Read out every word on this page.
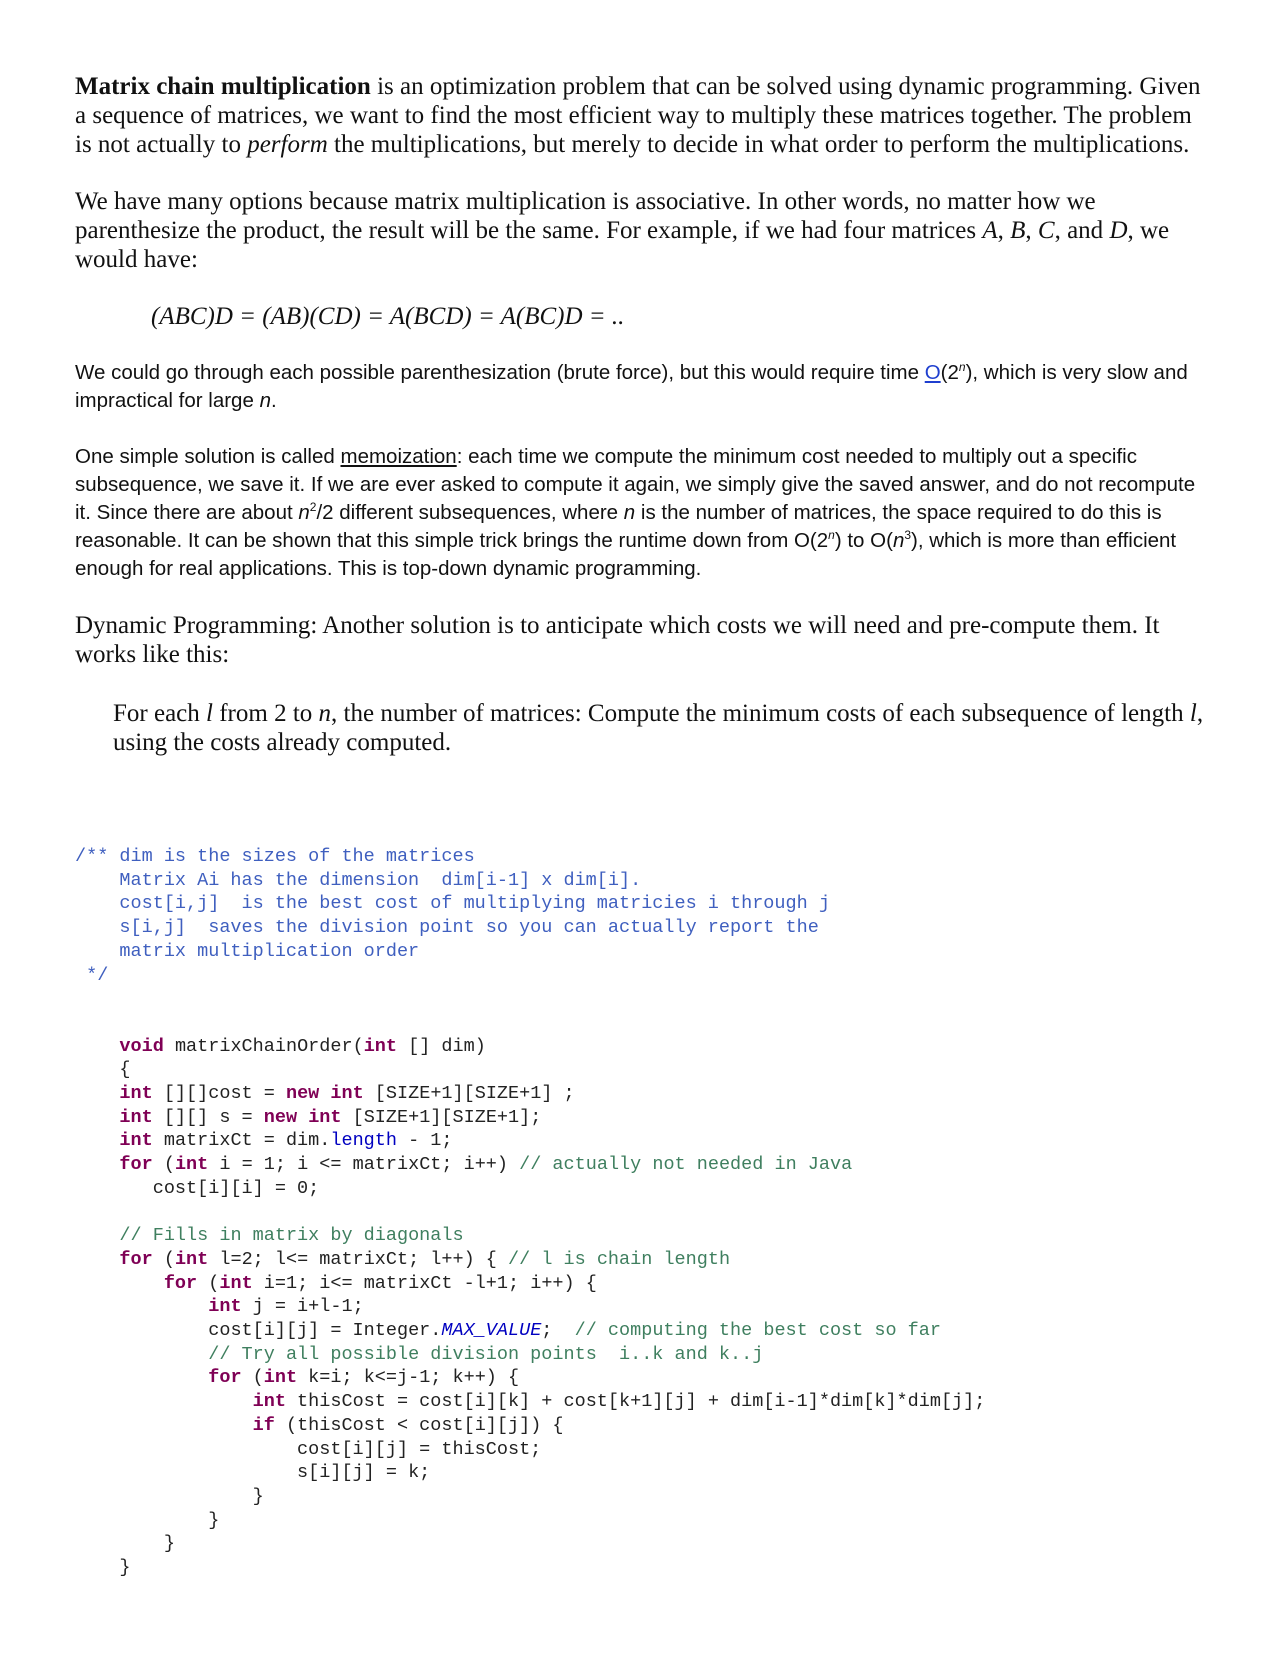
Matrix chain multiplication is an optimization problem that can be solved using dynamic programming. Given a sequence of matrices, we want to find the most efficient way to multiply these matrices together. The problem is not actually to perform the multiplications, but merely to decide in what order to perform the multiplications.

We have many options because matrix multiplication is associative. In other words, no matter how we parenthesize the product, the result will be the same. For example, if we had four matrices A, B, C, and D, we would have:

(ABC)D = (AB)(CD) = A(BCD) = A(BC)D = ..

We could go through each possible parenthesization (brute force), but this would require time O(2$^n$), which is very slow and impractical for large n.

One simple solution is called memoization: each time we compute the minimum cost needed to multiply out a specific subsequence, we save it. If we are ever asked to compute it again, we simply give the saved answer, and do not recompute it. Since there are about $n^2/2$ different subsequences, where n is the number of matrices, the space required to do this is reasonable. It can be shown that this simple trick brings the runtime down from O(2$^n$) to $O(n^3)$, which is more than efficient enough for real applications. This is top-down dynamic programming.

Dynamic Programming: Another solution is to anticipate which costs we will need and pre-compute them. It works like this:

For each l from 2 to n, the number of matrices: Compute the minimum costs of each subsequence of length l, using the costs already computed.

/** dim is the sizes of the matrices
Matrix Ai has the dimension  dim[i-1] x dim[i].
cost[i,j]  is the best cost of multiplying matricies i through j
s[i,j]  saves the division point so you can actually report the
matrix multiplication order
*/

void matrixChainOrder(int [] dim)
{
int [][]cost = new int [SIZE+1][SIZE+1] ;
int [][] s = new int [SIZE+1][SIZE+1];
int matrixCt = dim.length - 1;
for (int i = 1; i <= matrixCt; i++) // actually not needed in Java
cost[i][i] = 0;

// Fills in matrix by diagonals
for (int l=2; l<= matrixCt; l++) { // l is chain length
for (int i=1; i<= matrixCt -l+1; i++) {
int j = i+l-1;
cost[i][j] = Integer.MAX_VALUE;  // computing the best cost so far
// Try all possible division points  i..k and k..j
for (int k=i; k<=j-1; k++) {
int thisCost = cost[i][k] + cost[k+1][j] + dim[i-1]*dim[k]*dim[j];
if (thisCost < cost[i][j]) {
cost[i][j] = thisCost;
s[i][j] = k;
}
}
}
}
